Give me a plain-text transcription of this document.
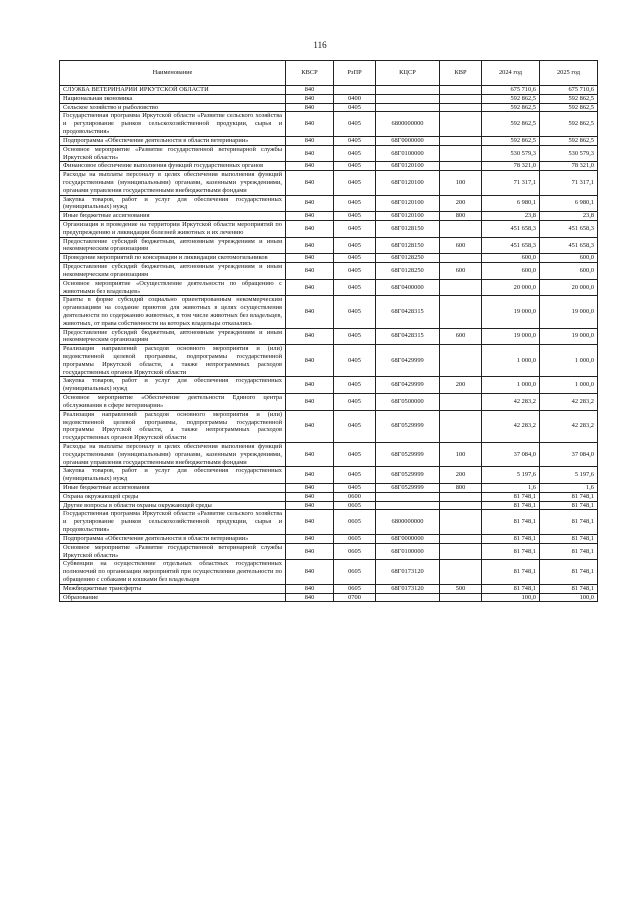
116
Наименование	КВСР	РзПР	КЦСР	КВР	2024 год	2025 год
СЛУЖБА ВЕТЕРИНАРИИ ИРКУТСКОЙ ОБЛАСТИ	840				675 710,6	675 710,6
Национальная экономика	840	0400			592 862,5	592 862,5
Сельское хозяйство и рыболовство	840	0405			592 862,5	592 862,5
Государственная программа Иркутской области «Развитие сельского хозяйства и регулирование рынков сельскохозяйственной продукции, сырья и продовольствия»	840	0405	6800000000		592 862,5	592 862,5
Подпрограмма «Обеспечение деятельности в области ветеринарии»	840	0405	68Г0000000		592 862,5	592 862,5
Основное мероприятие «Развитие государственной ветеринарной службы Иркутской области»	840	0405	68Г0100000		530 579,3	530 579,3
Финансовое обеспечение выполнения функций государственных органов	840	0405	68Г0120100		78 321,0	78 321,0
Расходы на выплаты персоналу в целях обеспечения выполнения функций государственными (муниципальными) органами, казенными учреждениями, органами управления государственными внебюджетными фондами	840	0405	68Г0120100	100	71 317,1	71 317,1
Закупка товаров, работ и услуг для обеспечения государственных (муниципальных) нужд	840	0405	68Г0120100	200	6 980,1	6 980,1
Иные бюджетные ассигнования	840	0405	68Г0120100	800	23,8	23,8
Организация и проведение на территории Иркутской области мероприятий по предупреждению и ликвидации болезней животных и их лечению	840	0405	68Г0128150		451 658,3	451 658,3
Предоставление субсидий бюджетным, автономным учреждениям и иным некоммерческим организациям	840	0405	68Г0128150	600	451 658,3	451 658,3
Проведение мероприятий по консервации и ликвидации скотомогильников	840	0405	68Г0128250		600,0	600,0
Предоставление субсидий бюджетным, автономным учреждениям и иным некоммерческим организациям	840	0405	68Г0128250	600	600,0	600,0
Основное мероприятие «Осуществление деятельности по обращению с животными без владельцев»	840	0405	68Г0400000		20 000,0	20 000,0
Гранты в форме субсидий социально ориентированным некоммерческим организациям на создание приютов для животных в целях осуществления деятельности по содержанию животных, в том числе животных без владельцев, животных, от права собственности на которых владельцы отказались	840	0405	68Г0428315		19 000,0	19 000,0
Предоставление субсидий бюджетным, автономным учреждениям и иным некоммерческим организациям	840	0405	68Г0428315	600	19 000,0	19 000,0
Реализация направлений расходов основного мероприятия и (или) ведомственной целевой программы, подпрограммы государственной программы Иркутской области, а также непрограммных расходов государственных органов Иркутской области	840	0405	68Г0429999		1 000,0	1 000,0
Закупка товаров, работ и услуг для обеспечения государственных (муниципальных) нужд	840	0405	68Г0429999	200	1 000,0	1 000,0
Основное мероприятие «Обеспечение деятельности Единого центра обслуживания в сфере ветеринарии»	840	0405	68Г0500000		42 283,2	42 283,2
Реализация направлений расходов основного мероприятия и (или) ведомственной целевой программы, подпрограммы государственной программы Иркутской области, а также непрограммных расходов государственных органов Иркутской области	840	0405	68Г0529999		42 283,2	42 283,2
Расходы на выплаты персоналу в целях обеспечения выполнения функций государственными (муниципальными) органами, казенными учреждениями, органами управления государственными внебюджетными фондами	840	0405	68Г0529999	100	37 084,0	37 084,0
Закупка товаров, работ и услуг для обеспечения государственных (муниципальных) нужд	840	0405	68Г0529999	200	5 197,6	5 197,6
Иные бюджетные ассигнования	840	0405	68Г0529999	800	1,6	1,6
Охрана окружающей среды	840	0600			81 748,1	81 748,1
Другие вопросы в области охраны окружающей среды	840	0605			81 748,1	81 748,1
Государственная программа Иркутской области «Развитие сельского хозяйства и регулирование рынков сельскохозяйственной продукции, сырья и продовольствия»	840	0605	6800000000		81 748,1	81 748,1
Подпрограмма «Обеспечение деятельности в области ветеринарии»	840	0605	68Г0000000		81 748,1	81 748,1
Основное мероприятие «Развитие государственной ветеринарной службы Иркутской области»	840	0605	68Г0100000		81 748,1	81 748,1
Субвенции на осуществление отдельных областных государственных полномочий по организации мероприятий при осуществлении деятельности по обращению с собаками и кошками без владельцев	840	0605	68Г0173120		81 748,1	81 748,1
Межбюджетные трансферты	840	0605	68Г0173120	500	81 748,1	81 748,1
Образование	840	0700			100,0	100,0
